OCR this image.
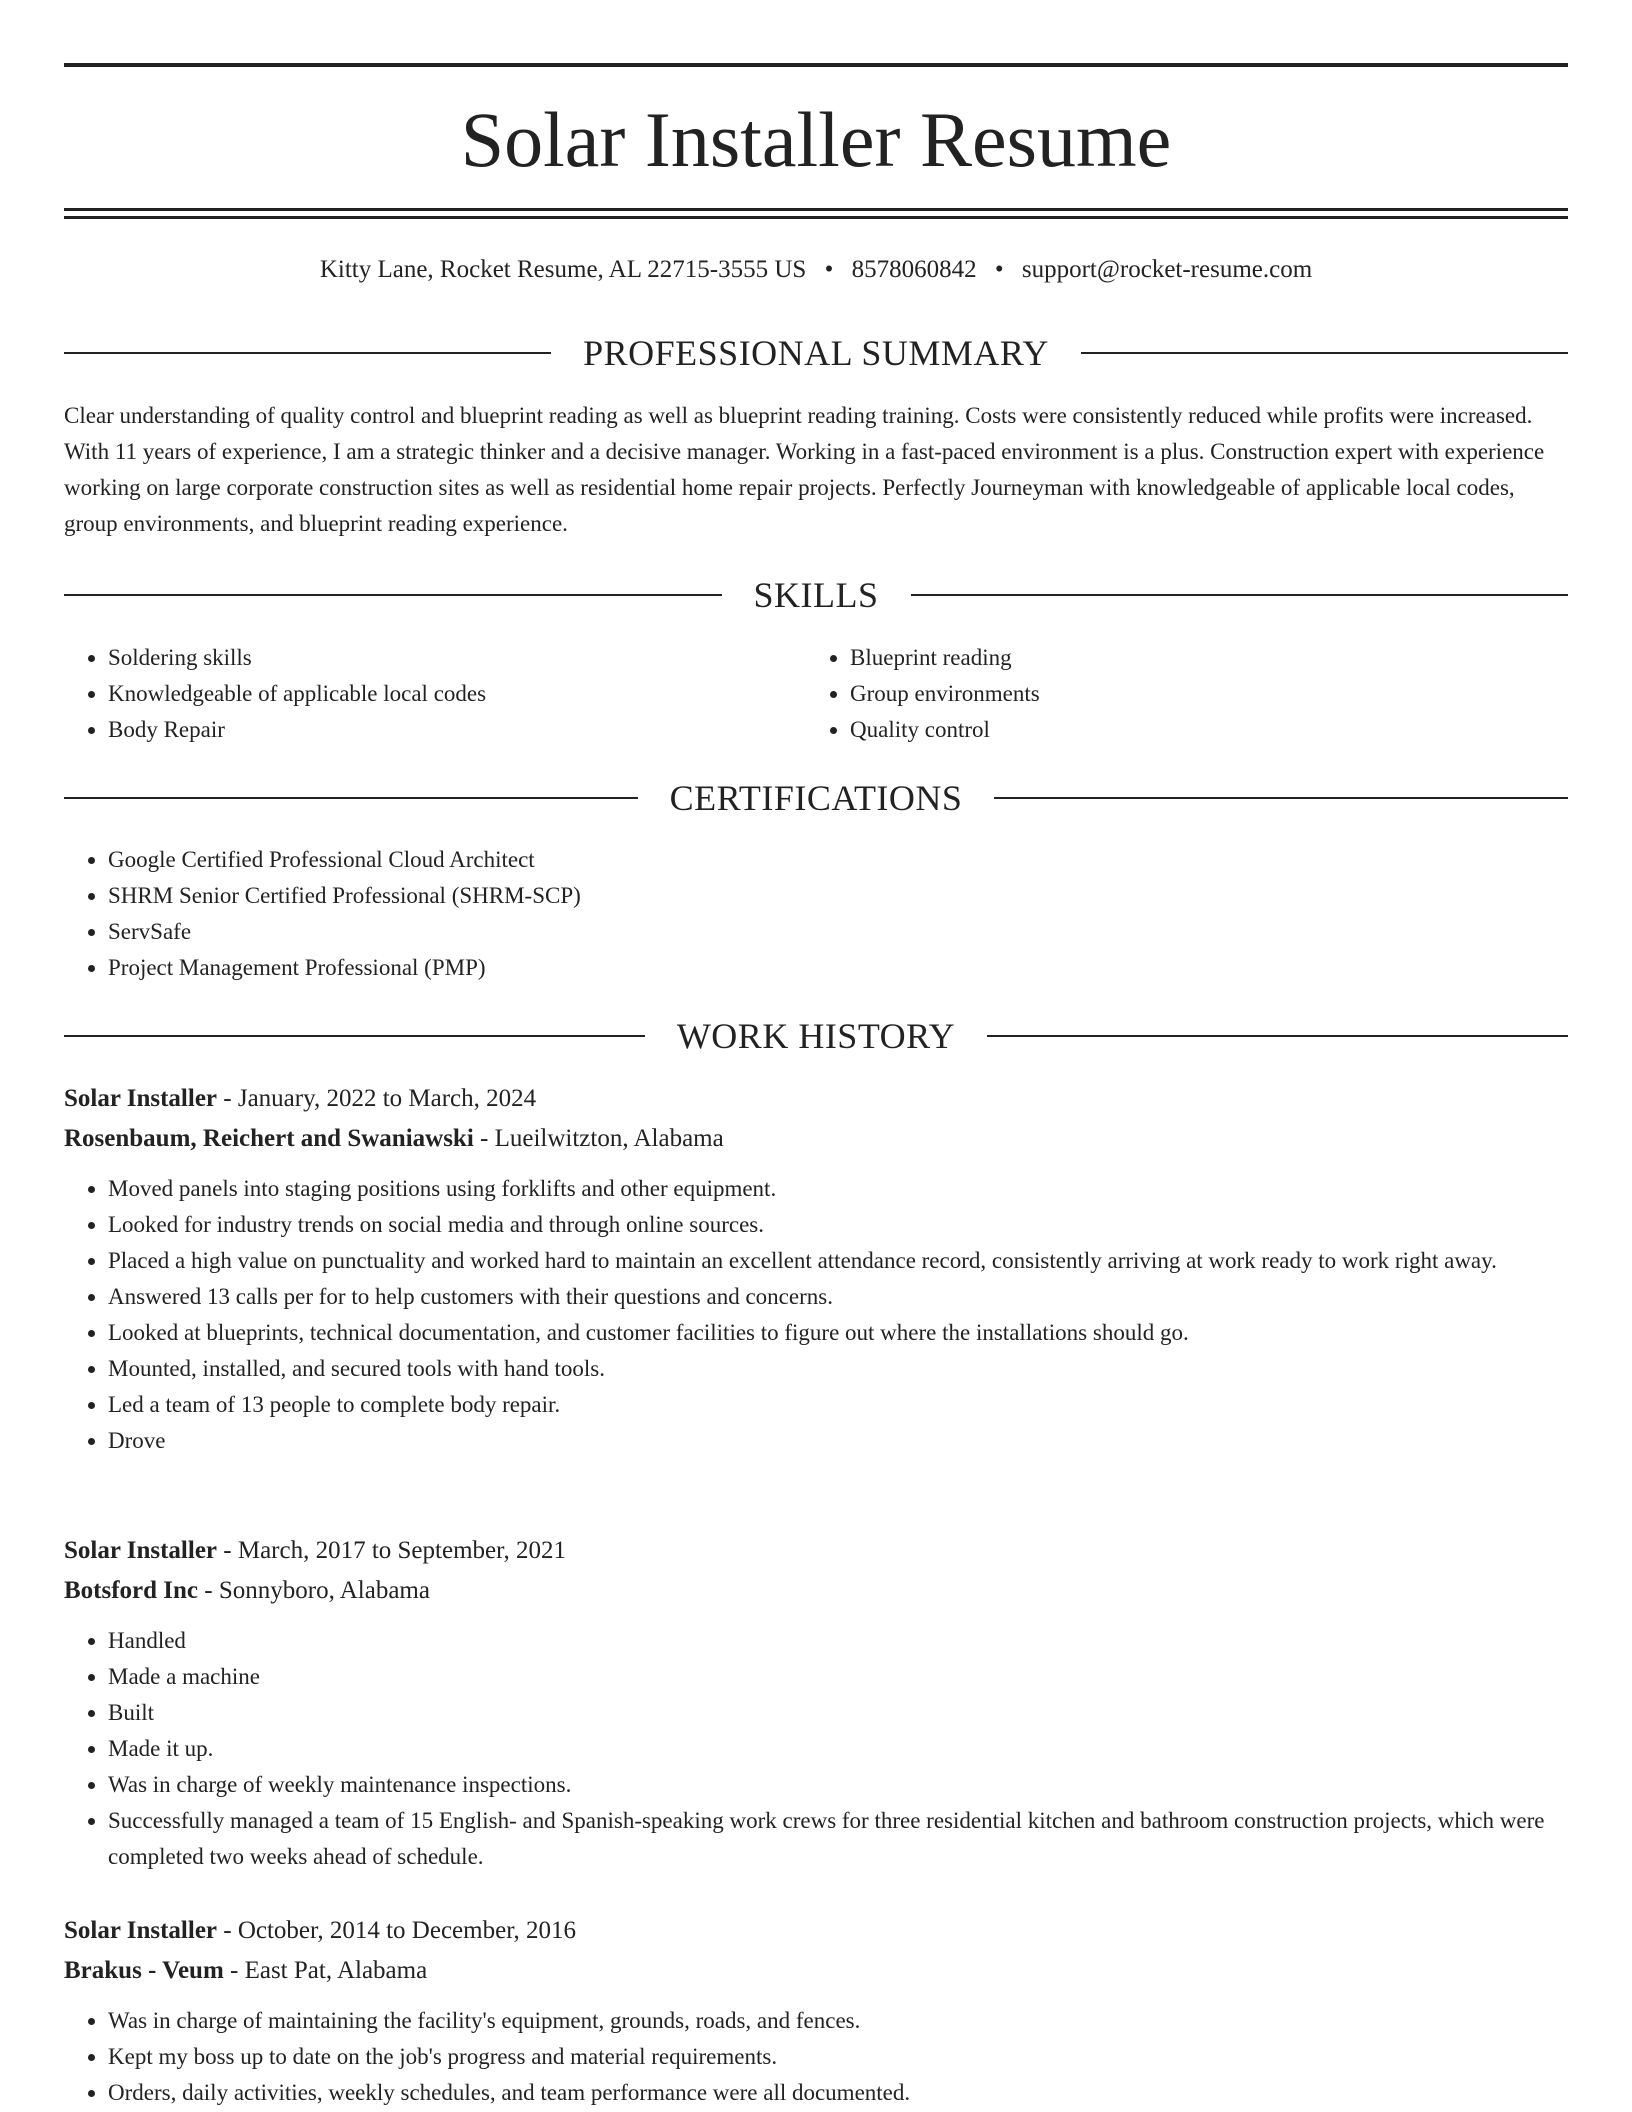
Solar Installer Resume
Kitty Lane, Rocket Resume, AL 22715-3555 US • 8578060842 • support@rocket-resume.com
PROFESSIONAL SUMMARY

Clear understanding of quality control and blueprint reading as well as blueprint reading training. Costs were consistently reduced while profits were increased. With 11 years of experience, I am a strategic thinker and a decisive manager. Working in a fast-paced environment is a plus. Construction expert with experience working on large corporate construction sites as well as residential home repair projects. Perfectly Journeyman with knowledgeable of applicable local codes, group environments, and blueprint reading experience.

SKILLS
• Soldering skills
• Knowledgeable of applicable local codes
• Body Repair
• Blueprint reading
• Group environments
• Quality control
CERTIFICATIONS
• Google Certified Professional Cloud Architect
• SHRM Senior Certified Professional (SHRM-SCP)
• ServSafe
• Project Management Professional (PMP)
WORK HISTORY
Solar Installer - January, 2022 to March, 2024
Rosenbaum, Reichert and Swaniawski - Lueilwitzton, Alabama
• Moved panels into staging positions using forklifts and other equipment.
• Looked for industry trends on social media and through online sources.
• Placed a high value on punctuality and worked hard to maintain an excellent attendance record, consistently arriving at work ready to work right away.
• Answered 13 calls per for to help customers with their questions and concerns.
• Looked at blueprints, technical documentation, and customer facilities to figure out where the installations should go.
• Mounted, installed, and secured tools with hand tools.
• Led a team of 13 people to complete body repair.
• Drove
Solar Installer - March, 2017 to September, 2021
Botsford Inc - Sonnyboro, Alabama
• Handled
• Made a machine
• Built
• Made it up.
• Was in charge of weekly maintenance inspections.
• Successfully managed a team of 15 English- and Spanish-speaking work crews for three residential kitchen and bathroom construction projects, which were completed two weeks ahead of schedule.
Solar Installer - October, 2014 to December, 2016
Brakus - Veum - East Pat, Alabama
• Was in charge of maintaining the facility's equipment, grounds, roads, and fences.
• Kept my boss up to date on the job's progress and material requirements.
• Orders, daily activities, weekly schedules, and team performance were all documented.
